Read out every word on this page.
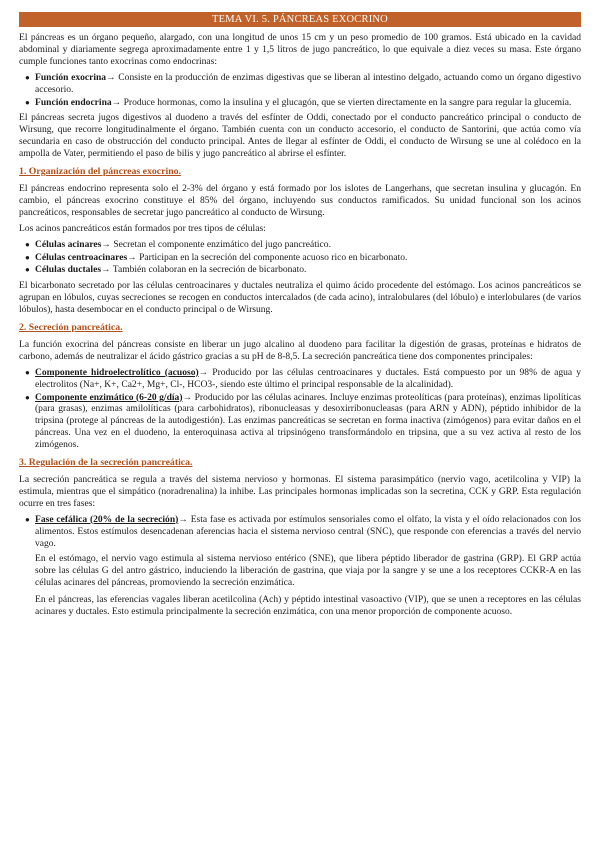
TEMA VI. 5. PÁNCREAS EXOCRINO

El páncreas es un órgano pequeño, alargado, con una longitud de unos 15 cm y un peso promedio de 100 gramos. Está ubicado en la cavidad abdominal y diariamente segrega aproximadamente entre 1 y 1,5 litros de jugo pancreático, lo que equivale a diez veces su masa. Este órgano cumple funciones tanto exocrinas como endocrinas:

● Función exocrina→ Consiste en la producción de enzimas digestivas que se liberan al intestino delgado, actuando como un órgano digestivo accesorio.
● Función endocrina→ Produce hormonas, como la insulina y el glucagón, que se vierten directamente en la sangre para regular la glucemia.

El páncreas secreta jugos digestivos al duodeno a través del esfínter de Oddi, conectado por el conducto pancreático principal o conducto de Wirsung, que recorre longitudinalmente el órgano. También cuenta con un conducto accesorio, el conducto de Santorini, que actúa como vía secundaria en caso de obstrucción del conducto principal. Antes de llegar al esfínter de Oddi, el conducto de Wirsung se une al colédoco en la ampolla de Vater, permitiendo el paso de bilis y jugo pancreático al abrirse el esfínter.

1. Organización del páncreas exocrino.

El páncreas endocrino representa solo el 2-3% del órgano y está formado por los islotes de Langerhans, que secretan insulina y glucagón. En cambio, el páncreas exocrino constituye el 85% del órgano, incluyendo sus conductos ramificados. Su unidad funcional son los acinos pancreáticos, responsables de secretar jugo pancreático al conducto de Wirsung.

Los acinos pancreáticos están formados por tres tipos de células:

● Células acinares→ Secretan el componente enzimático del jugo pancreático.
● Células centroacinares→ Participan en la secreción del componente acuoso rico en bicarbonato.
● Células ductales→ También colaboran en la secreción de bicarbonato.

El bicarbonato secretado por las células centroacinares y ductales neutraliza el quimo ácido procedente del estómago. Los acinos pancreáticos se agrupan en lóbulos, cuyas secreciones se recogen en conductos intercalados (de cada acino), intralobulares (del lóbulo) e interlobulares (de varios lóbulos), hasta desembocar en el conducto principal o de Wirsung.

2. Secreción pancreática.

La función exocrina del páncreas consiste en liberar un jugo alcalino al duodeno para facilitar la digestión de grasas, proteínas e hidratos de carbono, además de neutralizar el ácido gástrico gracias a su pH de 8-8,5. La secreción pancreática tiene dos componentes principales:

● Componente hidroelectrolítico (acuoso)→ Producido por las células centroacinares y ductales. Está compuesto por un 98% de agua y electrolitos (Na+, K+, Ca2+, Mg+, Cl-, HCO3-, siendo este último el principal responsable de la alcalinidad).
● Componente enzimático (6-20 g/día)→ Producido por las células acinares. Incluye enzimas proteolíticas (para proteínas), enzimas lipolíticas (para grasas), enzimas amilolíticas (para carbohidratos), ribonucleasas y desoxirribonucleasas (para ARN y ADN), péptido inhibidor de la tripsina (protege al páncreas de la autodigestión). Las enzimas pancreáticas se secretan en forma inactiva (zimógenos) para evitar daños en el páncreas. Una vez en el duodeno, la enteroquinasa activa al tripsinógeno transformándolo en tripsina, que a su vez activa al resto de los zimógenos.
3. Regulación de la secreción pancreática.

La secreción pancreática se regula a través del sistema nervioso y hormonas. El sistema parasimpático (nervio vago, acetilcolina y VIP) la estimula, mientras que el simpático (noradrenalina) la inhibe. Las principales hormonas implicadas son la secretina, CCK y GRP. Esta regulación ocurre en tres fases:

● Fase cefálica (20% de la secreción)→ Esta fase es activada por estímulos sensoriales como el olfato, la vista y el oído relacionados con los alimentos. Estos estímulos desencadenan aferencias hacia el sistema nervioso central (SNC), que responde con eferencias a través del nervio vago.

En el estómago, el nervio vago estimula al sistema nervioso entérico (SNE), que libera péptido liberador de gastrina (GRP). El GRP actúa sobre las células G del antro gástrico, induciendo la liberación de gastrina, que viaja por la sangre y se une a los receptores CCKR-A en las células acinares del páncreas, promoviendo la secreción enzimática.

En el páncreas, las eferencias vagales liberan acetilcolina (Ach) y péptido intestinal vasoactivo (VIP), que se unen a receptores en las células acinares y ductales. Esto estimula principalmente la secreción enzimática, con una menor proporción de componente acuoso.
